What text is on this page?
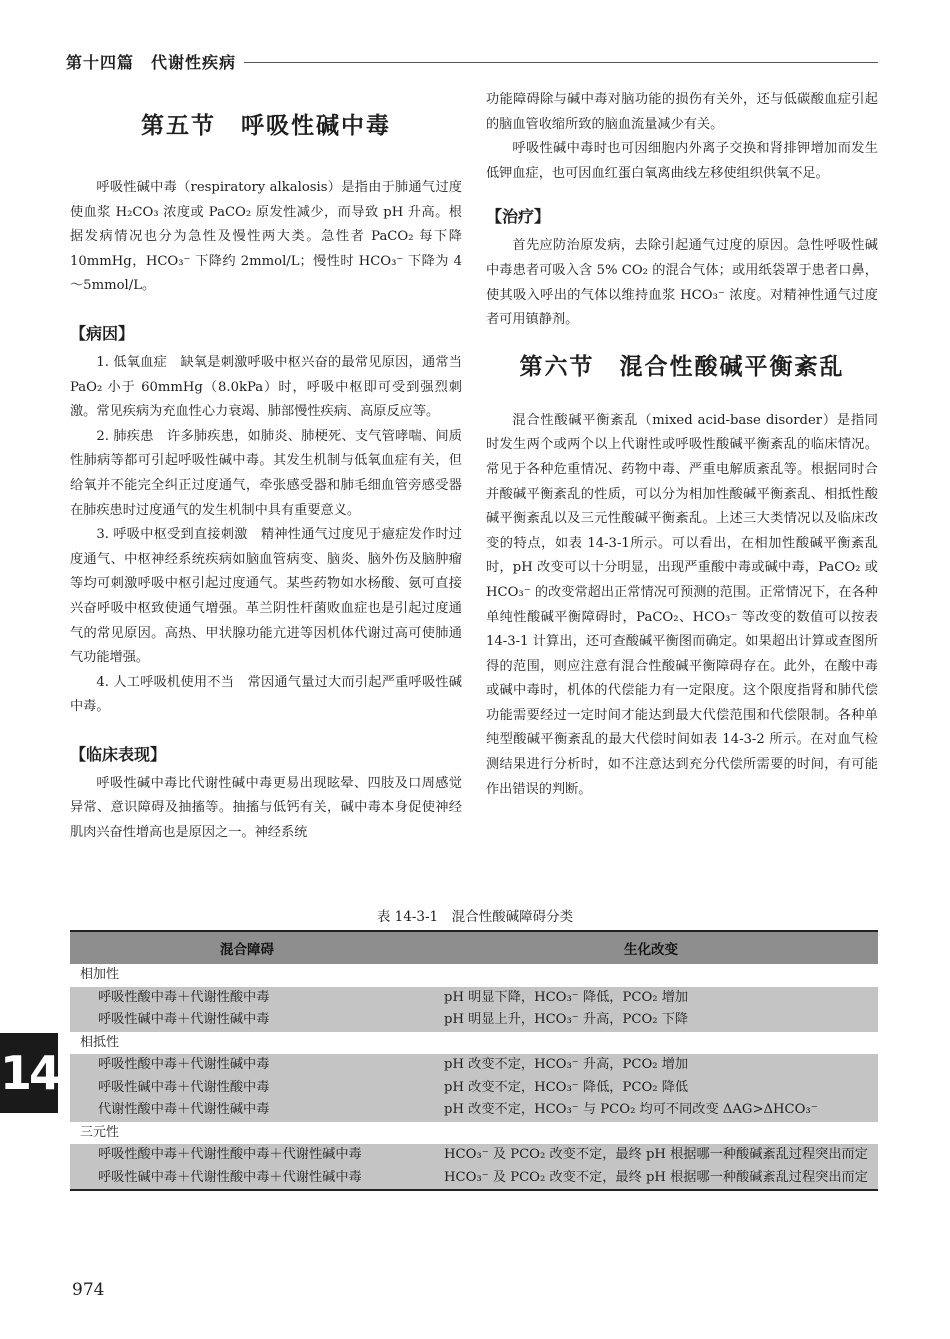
第十四篇　代谢性疾病
第五节　呼吸性碱中毒

呼吸性碱中毒（respiratory alkalosis）是指由于肺通气过度使血浆 H₂CO₃ 浓度或 PaCO₂ 原发性减少，而导致 pH 升高。根据发病情况也分为急性及慢性两大类。急性者 PaCO₂ 每下降 10mmHg，HCO₃⁻ 下降约 2mmol/L；慢性时 HCO₃⁻ 下降为 4～5mmol/L。

【病因】

1. 低氧血症　缺氧是刺激呼吸中枢兴奋的最常见原因，通常当 PaO₂ 小于 60mmHg（8.0kPa）时，呼吸中枢即可受到强烈刺激。常见疾病为充血性心力衰竭、肺部慢性疾病、高原反应等。

2. 肺疾患　许多肺疾患，如肺炎、肺梗死、支气管哮喘、间质性肺病等都可引起呼吸性碱中毒。其发生机制与低氧血症有关，但给氧并不能完全纠正过度通气，牵张感受器和肺毛细血管旁感受器在肺疾患时过度通气的发生机制中具有重要意义。

3. 呼吸中枢受到直接刺激　精神性通气过度见于癔症发作时过度通气、中枢神经系统疾病如脑血管病变、脑炎、脑外伤及脑肿瘤等均可刺激呼吸中枢引起过度通气。某些药物如水杨酸、氨可直接兴奋呼吸中枢致使通气增强。革兰阴性杆菌败血症也是引起过度通气的常见原因。高热、甲状腺功能亢进等因机体代谢过高可使肺通气功能增强。

4. 人工呼吸机使用不当　常因通气量过大而引起严重呼吸性碱中毒。

【临床表现】

呼吸性碱中毒比代谢性碱中毒更易出现眩晕、四肢及口周感觉异常、意识障碍及抽搐等。抽搐与低钙有关，碱中毒本身促使神经肌肉兴奋性增高也是原因之一。神经系统

功能障碍除与碱中毒对脑功能的损伤有关外，还与低碳酸血症引起的脑血管收缩所致的脑血流量减少有关。

呼吸性碱中毒时也可因细胞内外离子交换和肾排钾增加而发生低钾血症，也可因血红蛋白氧离曲线左移使组织供氧不足。

【治疗】

首先应防治原发病，去除引起通气过度的原因。急性呼吸性碱中毒患者可吸入含 5% CO₂ 的混合气体；或用纸袋罩于患者口鼻，使其吸入呼出的气体以维持血浆 HCO₃⁻ 浓度。对精神性通气过度者可用镇静剂。

第六节　混合性酸碱平衡紊乱

混合性酸碱平衡紊乱（mixed acid-base disorder）是指同时发生两个或两个以上代谢性或呼吸性酸碱平衡紊乱的临床情况。常见于各种危重情况、药物中毒、严重电解质紊乱等。根据同时合并酸碱平衡紊乱的性质，可以分为相加性酸碱平衡紊乱、相抵性酸碱平衡紊乱以及三元性酸碱平衡紊乱。上述三大类情况以及临床改变的特点，如表 14-3-1所示。可以看出，在相加性酸碱平衡紊乱时，pH 改变可以十分明显，出现严重酸中毒或碱中毒，PaCO₂ 或 HCO₃⁻ 的改变常超出正常情况可预测的范围。正常情况下，在各种单纯性酸碱平衡障碍时，PaCO₂、HCO₃⁻ 等改变的数值可以按表 14-3-1 计算出，还可查酸碱平衡图而确定。如果超出计算或查图所得的范围，则应注意有混合性酸碱平衡障碍存在。此外，在酸中毒或碱中毒时，机体的代偿能力有一定限度。这个限度指肾和肺代偿功能需要经过一定时间才能达到最大代偿范围和代偿限制。各种单纯型酸碱平衡紊乱的最大代偿时间如表 14-3-2 所示。在对血气检测结果进行分析时，如不注意达到充分代偿所需要的时间，有可能作出错误的判断。

表 14-3-1　混合性酸碱障碍分类
混合障碍	生化改变
相加性	
呼吸性酸中毒＋代谢性酸中毒	pH 明显下降，HCO₃⁻ 降低，PCO₂ 增加
呼吸性碱中毒＋代谢性碱中毒	pH 明显上升，HCO₃⁻ 升高，PCO₂ 下降
相抵性	
呼吸性酸中毒＋代谢性碱中毒	pH 改变不定，HCO₃⁻ 升高，PCO₂ 增加
呼吸性碱中毒＋代谢性酸中毒	pH 改变不定，HCO₃⁻ 降低，PCO₂ 降低
代谢性酸中毒＋代谢性碱中毒	pH 改变不定，HCO₃⁻ 与 PCO₂ 均可不同改变 ΔAG>ΔHCO₃⁻
三元性	
呼吸性酸中毒＋代谢性酸中毒＋代谢性碱中毒	HCO₃⁻ 及 PCO₂ 改变不定，最终 pH 根据哪一种酸碱紊乱过程突出而定
呼吸性碱中毒＋代谢性酸中毒＋代谢性碱中毒	HCO₃⁻ 及 PCO₂ 改变不定，最终 pH 根据哪一种酸碱紊乱过程突出而定
14
974
